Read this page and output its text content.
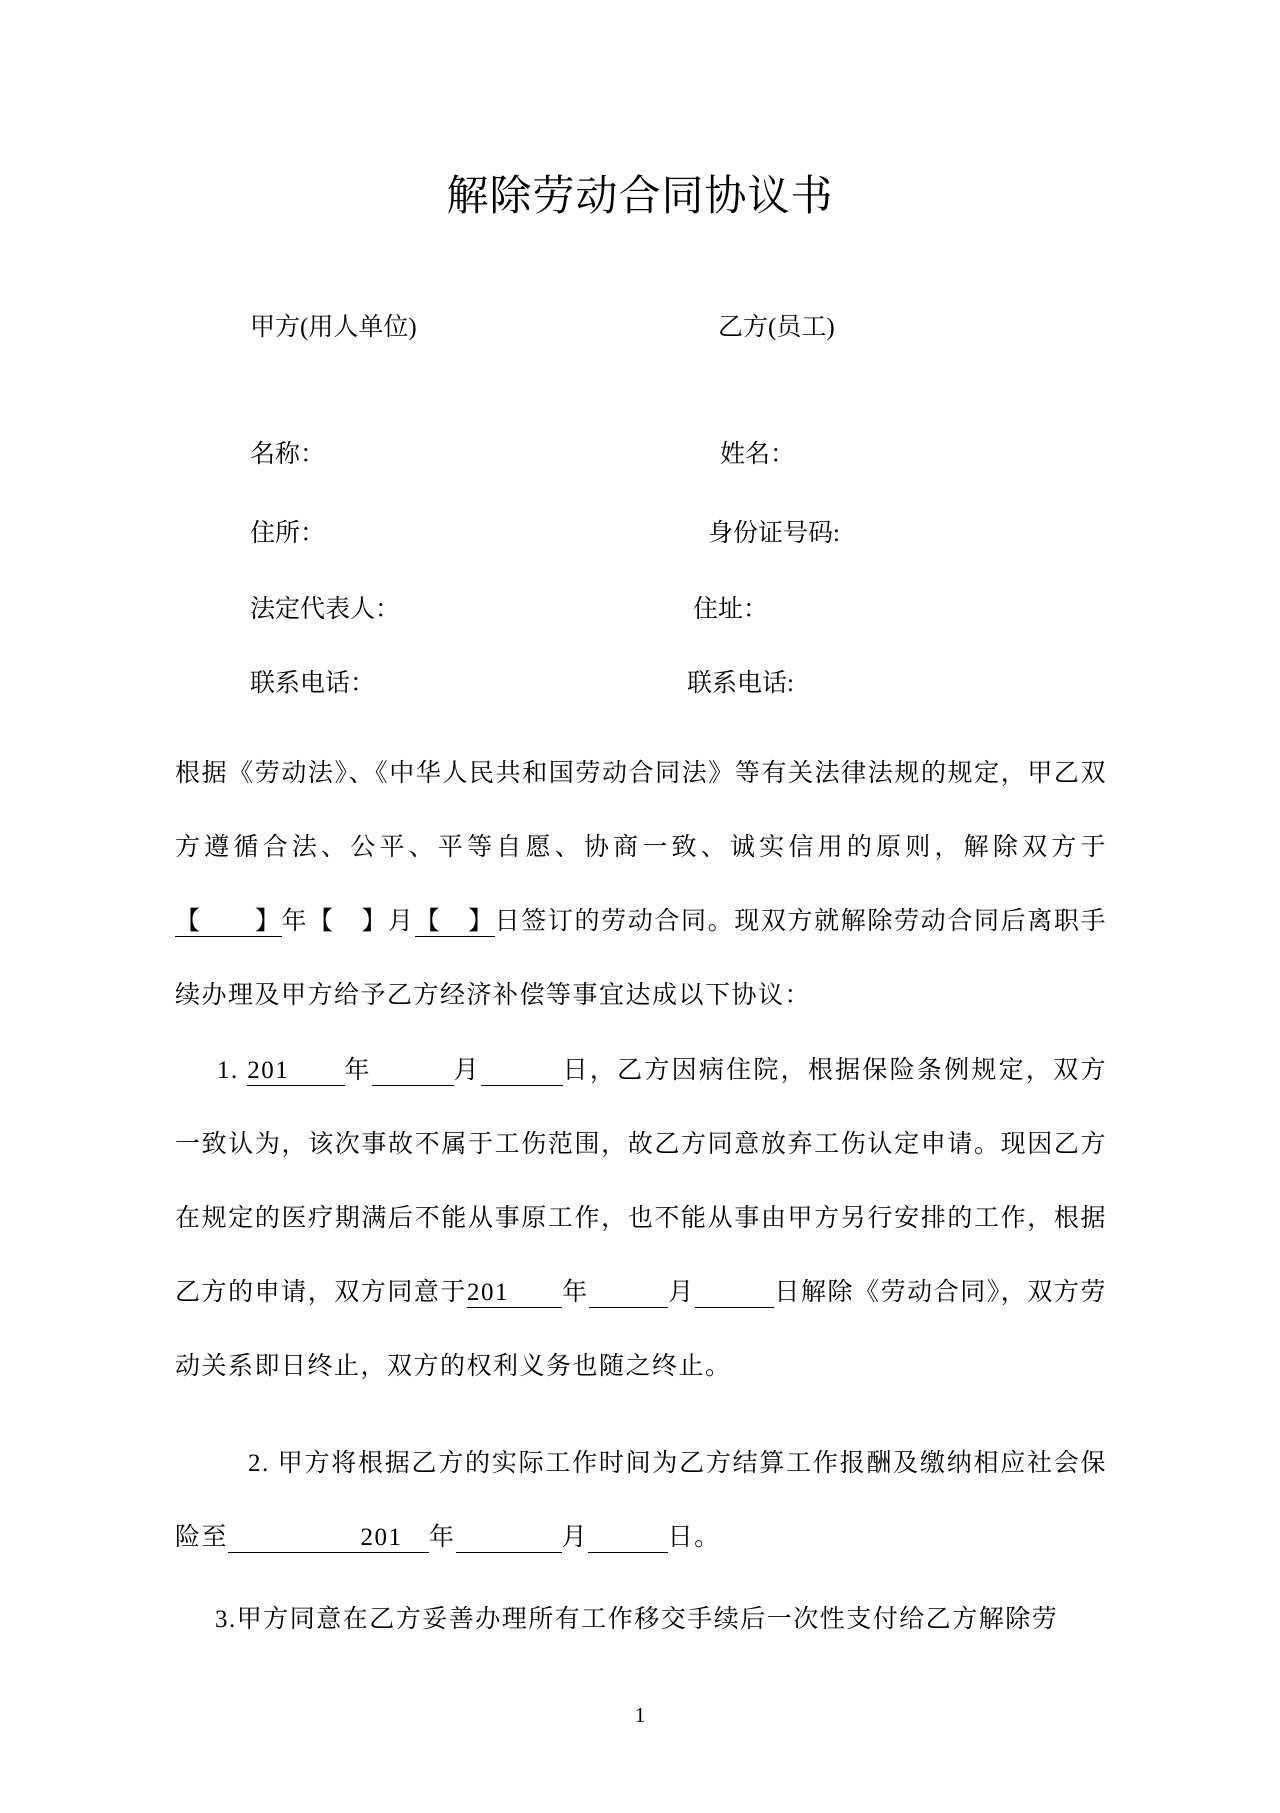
解除劳动合同协议书
甲方(用人单位)	乙方(员工)
名称：	姓名：
住所：	身份证号码:
法定代表人：	住址：
联系电话：	联系电话:

根据《劳动法》、《中华人民共和国劳动合同法》等有关法律法规的规定，甲乙双方遵循合法、公平、平等自愿、协商一致、诚实信用的原则，解除双方于【　　】年【　】月【　】日签订的劳动合同。现双方就解除劳动合同后离职手续办理及甲方给予乙方经济补偿等事宜达成以下协议：

1. 201　　年　　　	月　　　	日，乙方因病住院，根据保险条例规定，双方一致认为，该次事故不属于工伤范围，故乙方同意放弃工伤认定申请。现因乙方在规定的医疗期满后不能从事原工作，也不能从事由甲方另行安排的工作，根据乙方的申请，双方同意于201　　年　　　	月　　　	日解除《劳动合同》，双方劳动关系即日终止，双方的权利义务也随之终止。

2. 甲方将根据乙方的实际工作时间为乙方结算工作报酬及缴纳相应社会保险至　　　　　201　年　　　　	月　　　	日。

3.甲方同意在乙方妥善办理所有工作移交手续后一次性支付给乙方解除劳

1
